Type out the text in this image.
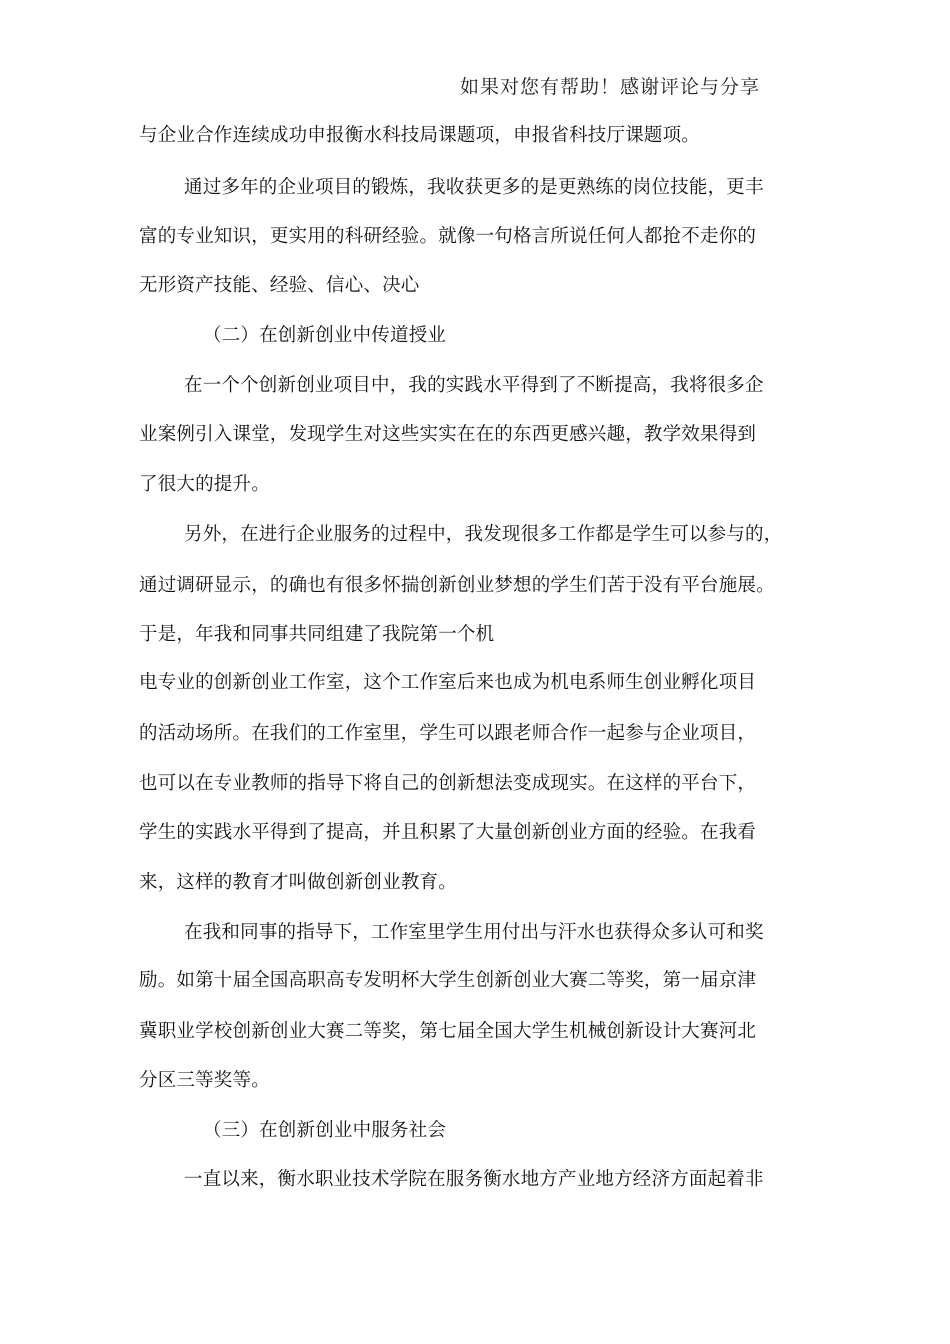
如果对您有帮助！感谢评论与分享
与企业合作连续成功申报衡水科技局课题项，申报省科技厅课题项。
通过多年的企业项目的锻炼，我收获更多的是更熟练的岗位技能，更丰
富的专业知识，更实用的科研经验。就像一句格言所说任何人都抢不走你的
无形资产技能、经验、信心、决心
（二）在创新创业中传道授业
在一个个创新创业项目中，我的实践水平得到了不断提高，我将很多企
业案例引入课堂，发现学生对这些实实在在的东西更感兴趣，教学效果得到
了很大的提升。
另外，在进行企业服务的过程中，我发现很多工作都是学生可以参与的，
通过调研显示，的确也有很多怀揣创新创业梦想的学生们苦于没有平台施展。
于是，年我和同事共同组建了我院第一个机
电专业的创新创业工作室，这个工作室后来也成为机电系师生创业孵化项目
的活动场所。在我们的工作室里，学生可以跟老师合作一起参与企业项目，
也可以在专业教师的指导下将自己的创新想法变成现实。在这样的平台下，
学生的实践水平得到了提高，并且积累了大量创新创业方面的经验。在我看
来，这样的教育才叫做创新创业教育。
在我和同事的指导下，工作室里学生用付出与汗水也获得众多认可和奖
励。如第十届全国高职高专发明杯大学生创新创业大赛二等奖，第一届京津
冀职业学校创新创业大赛二等奖，第七届全国大学生机械创新设计大赛河北
分区三等奖等。
（三）在创新创业中服务社会
一直以来，衡水职业技术学院在服务衡水地方产业地方经济方面起着非
